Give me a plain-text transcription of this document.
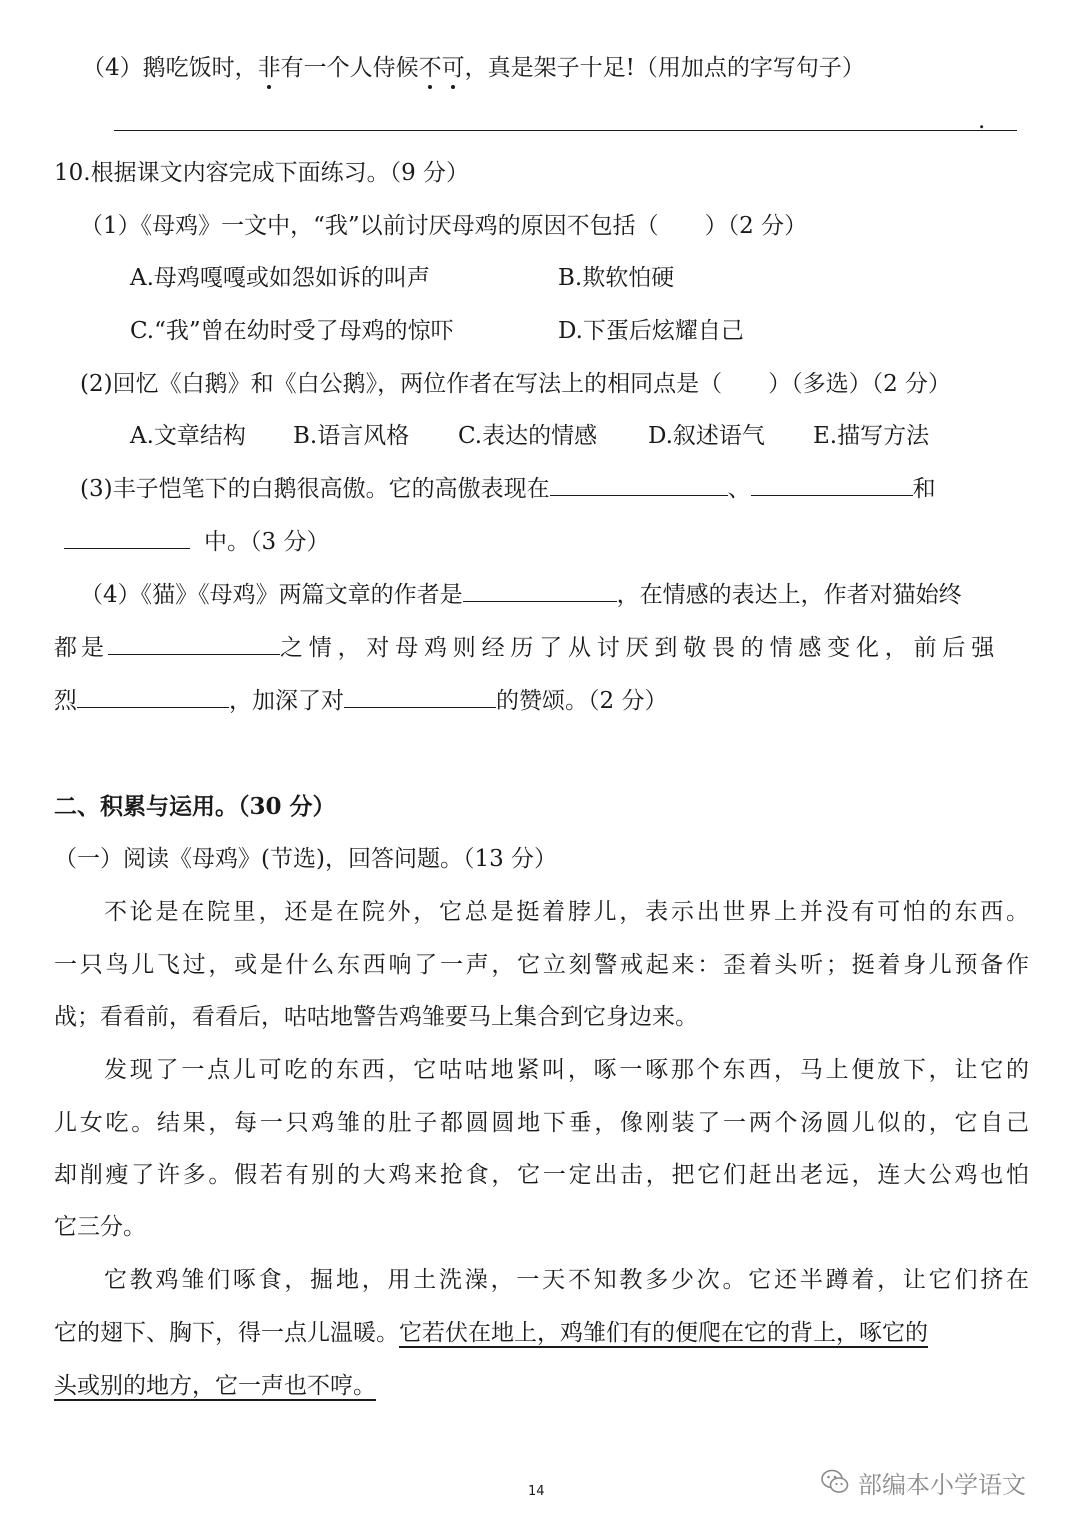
（4）鹅吃饭时，非有一个人侍候不可，真是架子十足!（用加点的字写句子）
.
10.根据课文内容完成下面练习。（9 分）
（1）《母鸡》一文中，“我”以前讨厌母鸡的原因不包括（　　）（2 分）
A.母鸡嘎嘎或如怨如诉的叫声	B.欺软怕硬
C.“我”曾在幼时受了母鸡的惊吓	D.下蛋后炫耀自己
(2)回忆《白鹅》和《白公鹅》，两位作者在写法上的相同点是（　　）（多选）（2 分）
A.文章结构 B.语言风格 C.表达的情感 D.叙述语气 E.描写方法
(3)丰子恺笔下的白鹅很高傲。它的高傲表现在	、	和
中。（3 分）
（4）《猫》《母鸡》两篇文章的作者是	，在情感的表达上，作者对猫始终
都是	之情，对母鸡则经历了从讨厌到敬畏的情感变化，前后强
烈	，加深了对	的赞颂。（2 分）
二、积累与运用。（30 分）
（一）阅读《母鸡》(节选)，回答问题。（13 分）
不论是在院里，还是在院外，它总是挺着脖儿，表示出世界上并没有可怕的东西。
一只鸟儿飞过，或是什么东西响了一声，它立刻警戒起来：歪着头听；挺着身儿预备作
战；看看前，看看后，咕咕地警告鸡雏要马上集合到它身边来。
发现了一点儿可吃的东西，它咕咕地紧叫，啄一啄那个东西，马上便放下，让它的
儿女吃。结果，每一只鸡雏的肚子都圆圆地下垂，像刚装了一两个汤圆儿似的，它自己
却削瘦了许多。假若有别的大鸡来抢食，它一定出击，把它们赶出老远，连大公鸡也怕
它三分。
它教鸡雏们啄食，掘地，用土洗澡，一天不知教多少次。它还半蹲着，让它们挤在
它的翅下、胸下，得一点儿温暖。它若伏在地上，鸡雏们有的便爬在它的背上，啄它的
头或别的地方，它一声也不哼。
14	部编本小学语文
